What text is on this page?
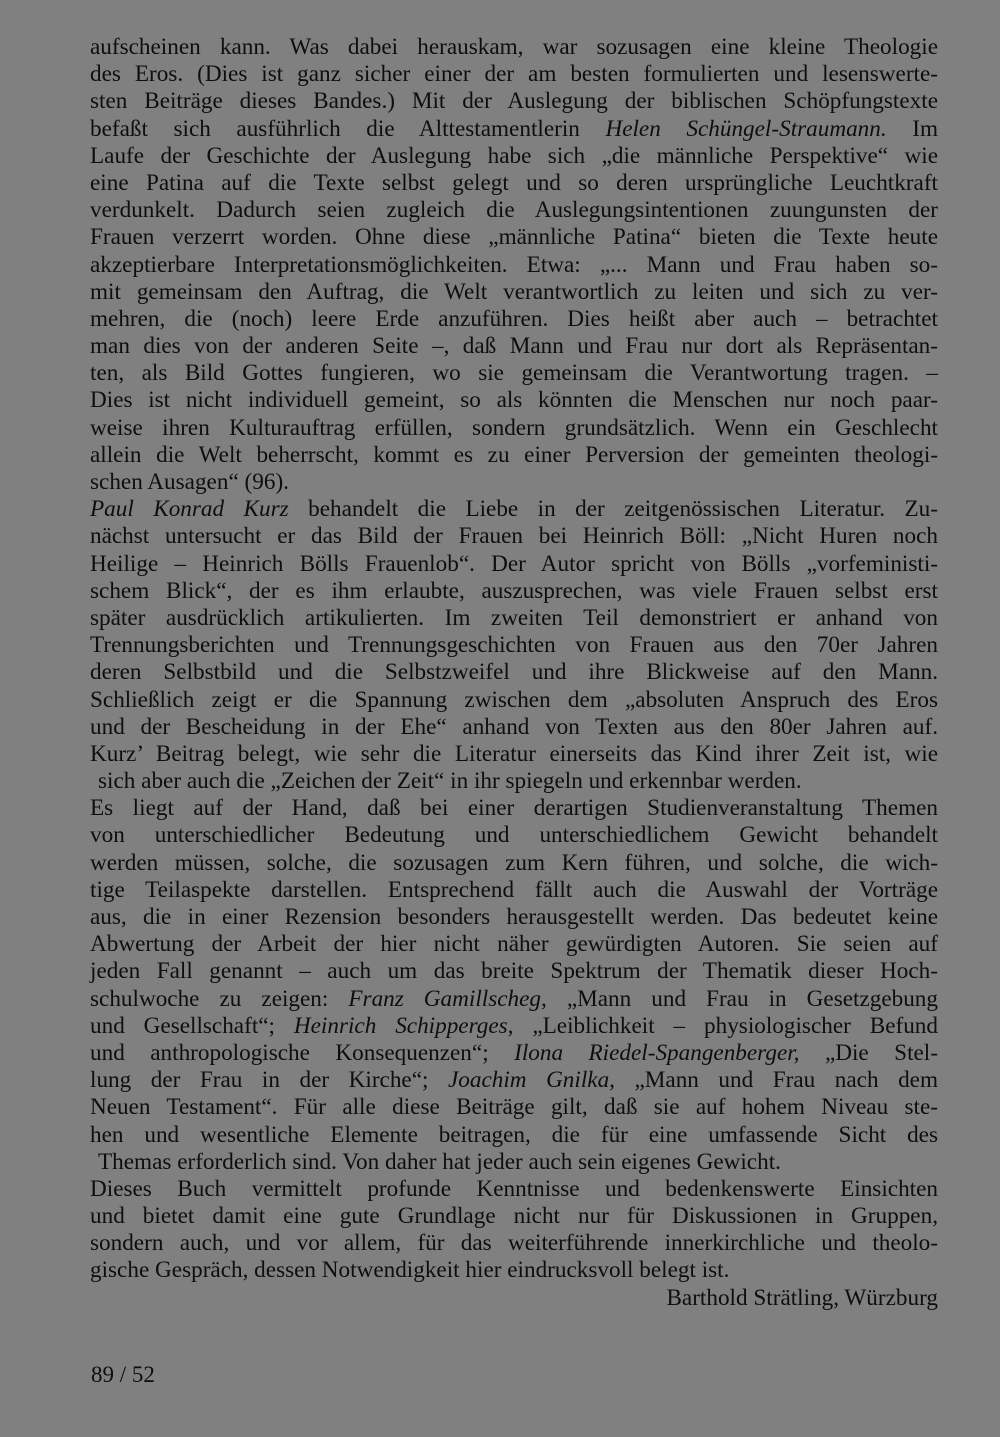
aufscheinen kann. Was dabei herauskam, war sozusagen eine kleine Theologie
des Eros. (Dies ist ganz sicher einer der am besten formulierten und lesenswerte-
sten Beiträge dieses Bandes.) Mit der Auslegung der biblischen Schöpfungstexte
befaßt sich ausführlich die Alttestamentlerin Helen Schüngel-Straumann. Im
Laufe der Geschichte der Auslegung habe sich „die männliche Perspektive“ wie
eine Patina auf die Texte selbst gelegt und so deren ursprüngliche Leuchtkraft
verdunkelt. Dadurch seien zugleich die Auslegungsintentionen zuungunsten der
Frauen verzerrt worden. Ohne diese „männliche Patina“ bieten die Texte heute
akzeptierbare Interpretationsmöglichkeiten. Etwa: „... Mann und Frau haben so-
mit gemeinsam den Auftrag, die Welt verantwortlich zu leiten und sich zu ver-
mehren, die (noch) leere Erde anzuführen. Dies heißt aber auch – betrachtet
man dies von der anderen Seite –, daß Mann und Frau nur dort als Repräsentan-
ten, als Bild Gottes fungieren, wo sie gemeinsam die Verantwortung tragen. –
Dies ist nicht individuell gemeint, so als könnten die Menschen nur noch paar-
weise ihren Kulturauftrag erfüllen, sondern grundsätzlich. Wenn ein Geschlecht
allein die Welt beherrscht, kommt es zu einer Perversion der gemeinten theologi-
schen Ausagen“ (96).
Paul Konrad Kurz behandelt die Liebe in der zeitgenössischen Literatur. Zu-
nächst untersucht er das Bild der Frauen bei Heinrich Böll: „Nicht Huren noch
Heilige – Heinrich Bölls Frauenlob“. Der Autor spricht von Bölls „vorfeministi-
schem Blick“, der es ihm erlaubte, auszusprechen, was viele Frauen selbst erst
später ausdrücklich artikulierten. Im zweiten Teil demonstriert er anhand von
Trennungsberichten und Trennungsgeschichten von Frauen aus den 70er Jahren
deren Selbstbild und die Selbstzweifel und ihre Blickweise auf den Mann.
Schließlich zeigt er die Spannung zwischen dem „absoluten Anspruch des Eros
und der Bescheidung in der Ehe“ anhand von Texten aus den 80er Jahren auf.
Kurz’ Beitrag belegt, wie sehr die Literatur einerseits das Kind ihrer Zeit ist, wie
sich aber auch die „Zeichen der Zeit“ in ihr spiegeln und erkennbar werden.
Es liegt auf der Hand, daß bei einer derartigen Studienveranstaltung Themen
von unterschiedlicher Bedeutung und unterschiedlichem Gewicht behandelt
werden müssen, solche, die sozusagen zum Kern führen, und solche, die wich-
tige Teilaspekte darstellen. Entsprechend fällt auch die Auswahl der Vorträge
aus, die in einer Rezension besonders herausgestellt werden. Das bedeutet keine
Abwertung der Arbeit der hier nicht näher gewürdigten Autoren. Sie seien auf
jeden Fall genannt – auch um das breite Spektrum der Thematik dieser Hoch-
schulwoche zu zeigen: Franz Gamillscheg, „Mann und Frau in Gesetzgebung
und Gesellschaft“; Heinrich Schipperges, „Leiblichkeit – physiologischer Befund
und anthropologische Konsequenzen“; Ilona Riedel-Spangenberger, „Die Stel-
lung der Frau in der Kirche“; Joachim Gnilka, „Mann und Frau nach dem
Neuen Testament“. Für alle diese Beiträge gilt, daß sie auf hohem Niveau ste-
hen und wesentliche Elemente beitragen, die für eine umfassende Sicht des
Themas erforderlich sind. Von daher hat jeder auch sein eigenes Gewicht.
Dieses Buch vermittelt profunde Kenntnisse und bedenkenswerte Einsichten
und bietet damit eine gute Grundlage nicht nur für Diskussionen in Gruppen,
sondern auch, und vor allem, für das weiterführende innerkirchliche und theolo-
gische Gespräch, dessen Notwendigkeit hier eindrucksvoll belegt ist.
Barthold Strätling, Würzburg
89 / 52
